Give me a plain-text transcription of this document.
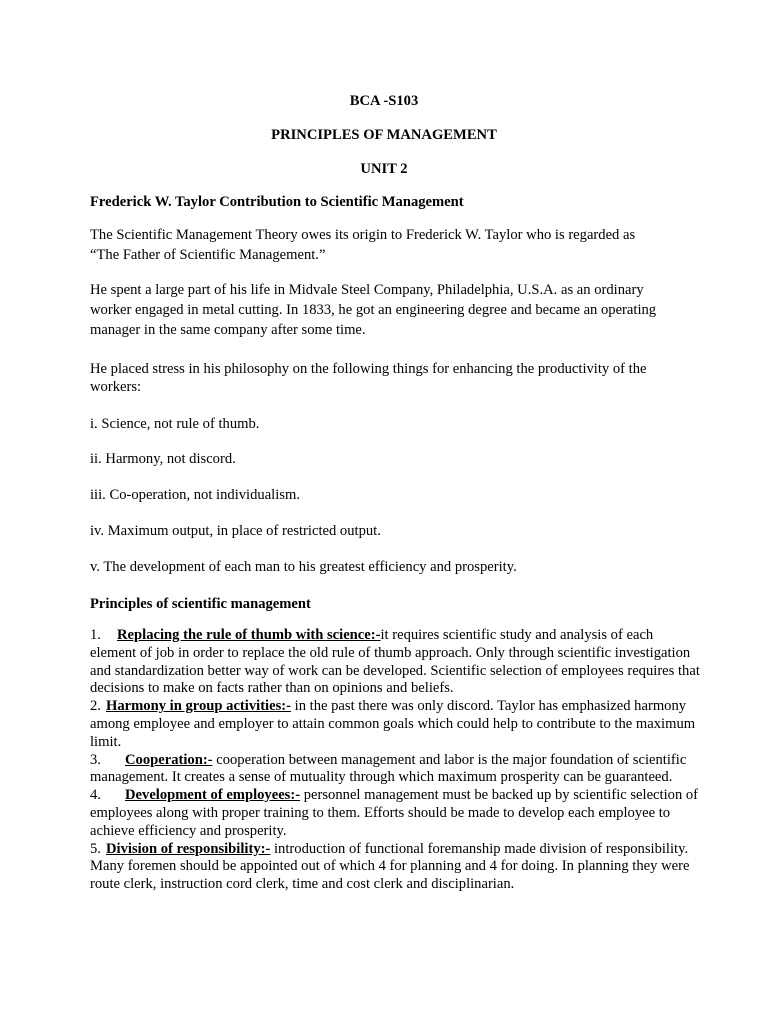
BCA -S103
PRINCIPLES OF MANAGEMENT
UNIT 2
Frederick W. Taylor Contribution to Scientific Management
The Scientific Management Theory owes its origin to Frederick W. Taylor who is regarded as
“The Father of Scientific Management.”
He spent a large part of his life in Midvale Steel Company, Philadelphia, U.S.A. as an ordinary
worker engaged in metal cutting. In 1833, he got an engineering degree and became an operating
manager in the same company after some time.
He placed stress in his philosophy on the following things for enhancing the productivity of the
workers:
i. Science, not rule of thumb.
ii. Harmony, not discord.
iii. Co-operation, not individualism.
iv. Maximum output, in place of restricted output.
v. The development of each man to his greatest efficiency and prosperity.
Principles of scientific management

1. Replacing the rule of thumb with science:-it requires scientific study and analysis of each element of job in order to replace the old rule of thumb approach. Only through scientific investigation and standardization better way of work can be developed. Scientific selection of employees requires that decisions to make on facts rather than on opinions and beliefs.

2. Harmony in group activities:- in the past there was only discord. Taylor has emphasized harmony among employee and employer to attain common goals which could help to contribute to the maximum limit.

3. Cooperation:- cooperation between management and labor is the major foundation of scientific management. It creates a sense of mutuality through which maximum prosperity can be guaranteed.

4. Development of employees:- personnel management must be backed up by scientific selection of employees along with proper training to them. Efforts should be made to develop each employee to achieve efficiency and prosperity.

5. Division of responsibility:- introduction of functional foremanship made division of responsibility. Many foremen should be appointed out of which 4 for planning and 4 for doing. In planning they were route clerk, instruction cord clerk, time and cost clerk and disciplinarian.
